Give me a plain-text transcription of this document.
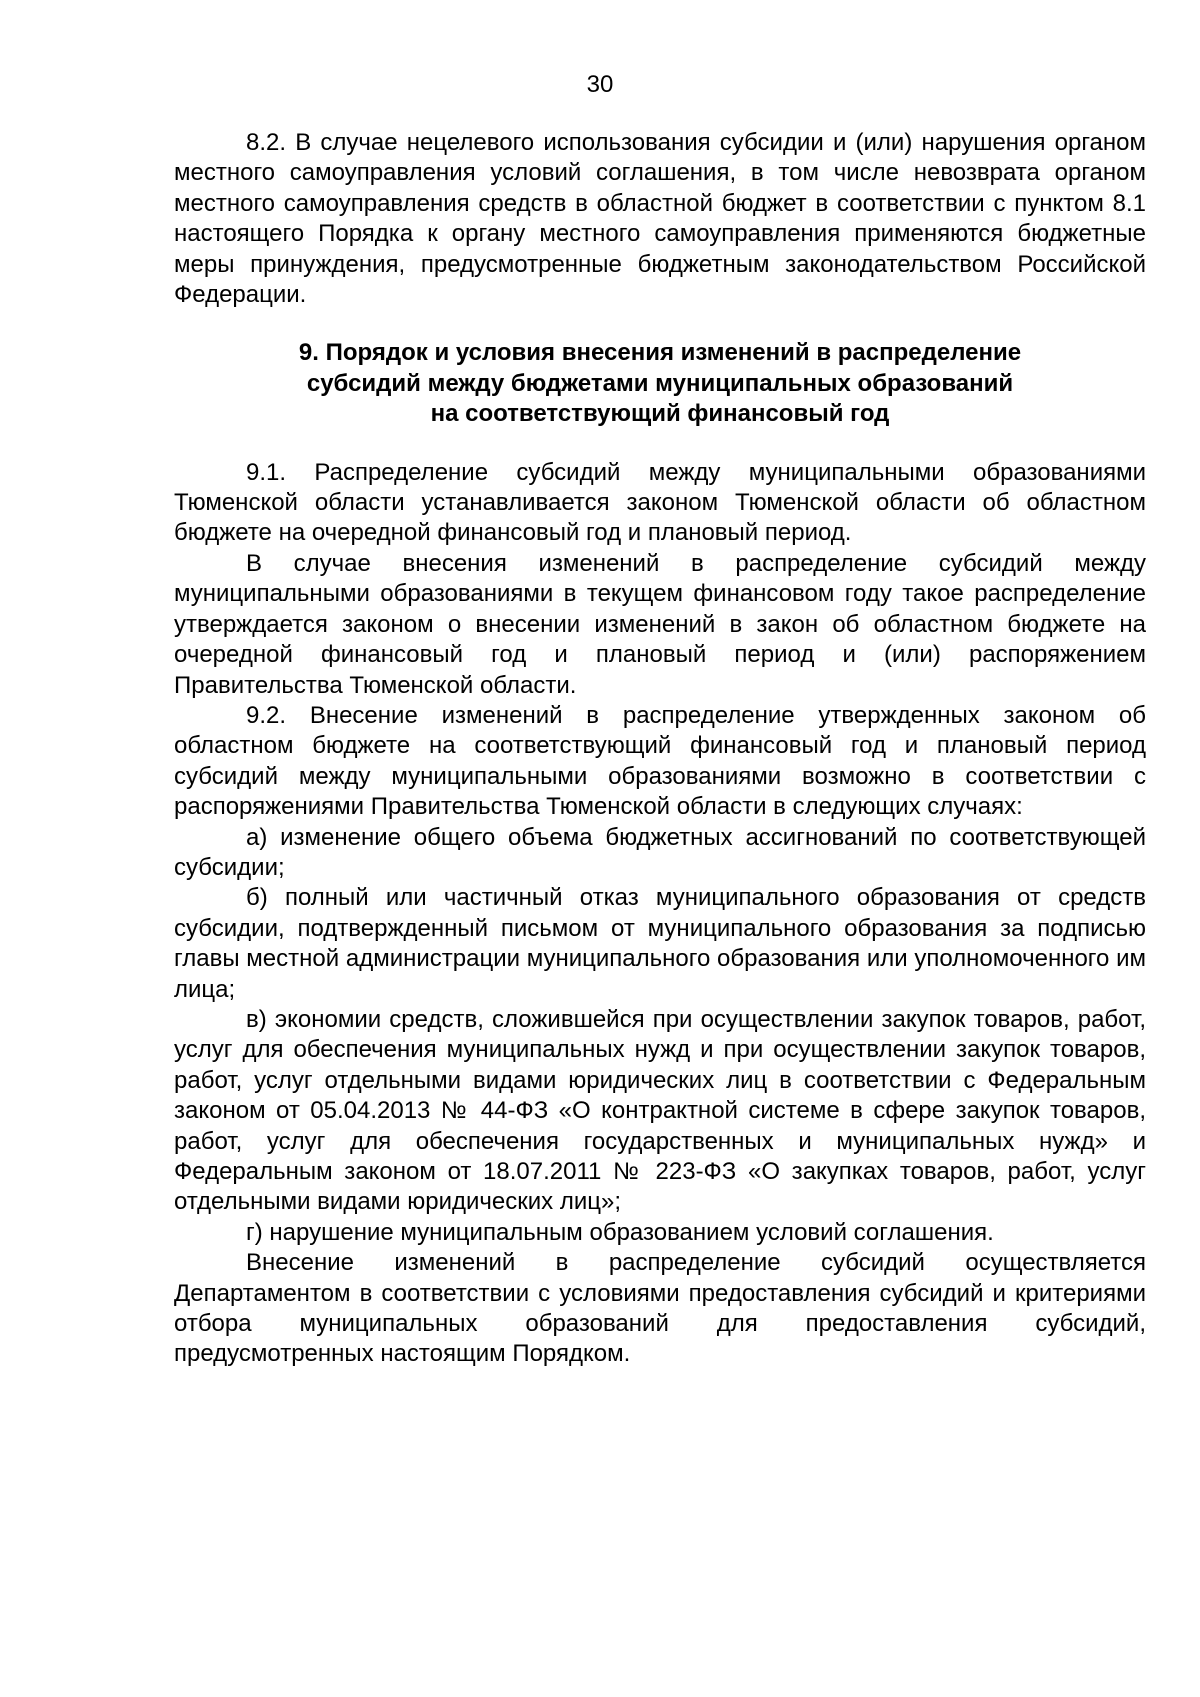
30

8.2. В случае нецелевого использования субсидии и (или) нарушения органом местного самоуправления условий соглашения, в том числе невозврата органом местного самоуправления средств в областной бюджет в соответствии с пунктом 8.1 настоящего Порядка к органу местного самоуправления применяются бюджетные меры принуждения, предусмотренные бюджетным законодательством Российской Федерации.

9. Порядок и условия внесения изменений в распределение
субсидий между бюджетами муниципальных образований
на соответствующий финансовый год

9.1. Распределение субсидий между муниципальными образованиями Тюменской области устанавливается законом Тюменской области об областном бюджете на очередной финансовый год и плановый период.

В случае внесения изменений в распределение субсидий между муниципальными образованиями в текущем финансовом году такое распределение утверждается законом о внесении изменений в закон об областном бюджете на очередной финансовый год и плановый период и (или) распоряжением Правительства Тюменской области.

9.2. Внесение изменений в распределение утвержденных законом об областном бюджете на соответствующий финансовый год и плановый период субсидий между муниципальными образованиями возможно в соответствии с распоряжениями Правительства Тюменской области в следующих случаях:

а) изменение общего объема бюджетных ассигнований по соответствующей субсидии;

б) полный или частичный отказ муниципального образования от средств субсидии, подтвержденный письмом от муниципального образования за подписью главы местной администрации муниципального образования или уполномоченного им лица;

в) экономии средств, сложившейся при осуществлении закупок товаров, работ, услуг для обеспечения муниципальных нужд и при осуществлении закупок товаров, работ, услуг отдельными видами юридических лиц в соответствии с Федеральным законом от 05.04.2013 № 44-ФЗ «О контрактной системе в сфере закупок товаров, работ, услуг для обеспечения государственных и муниципальных нужд» и Федеральным законом от 18.07.2011 № 223-ФЗ «О закупках товаров, работ, услуг отдельными видами юридических лиц»;

г) нарушение муниципальным образованием условий соглашения.

Внесение изменений в распределение субсидий осуществляется Департаментом в соответствии с условиями предоставления субсидий и критериями отбора муниципальных образований для предоставления субсидий, предусмотренных настоящим Порядком.
